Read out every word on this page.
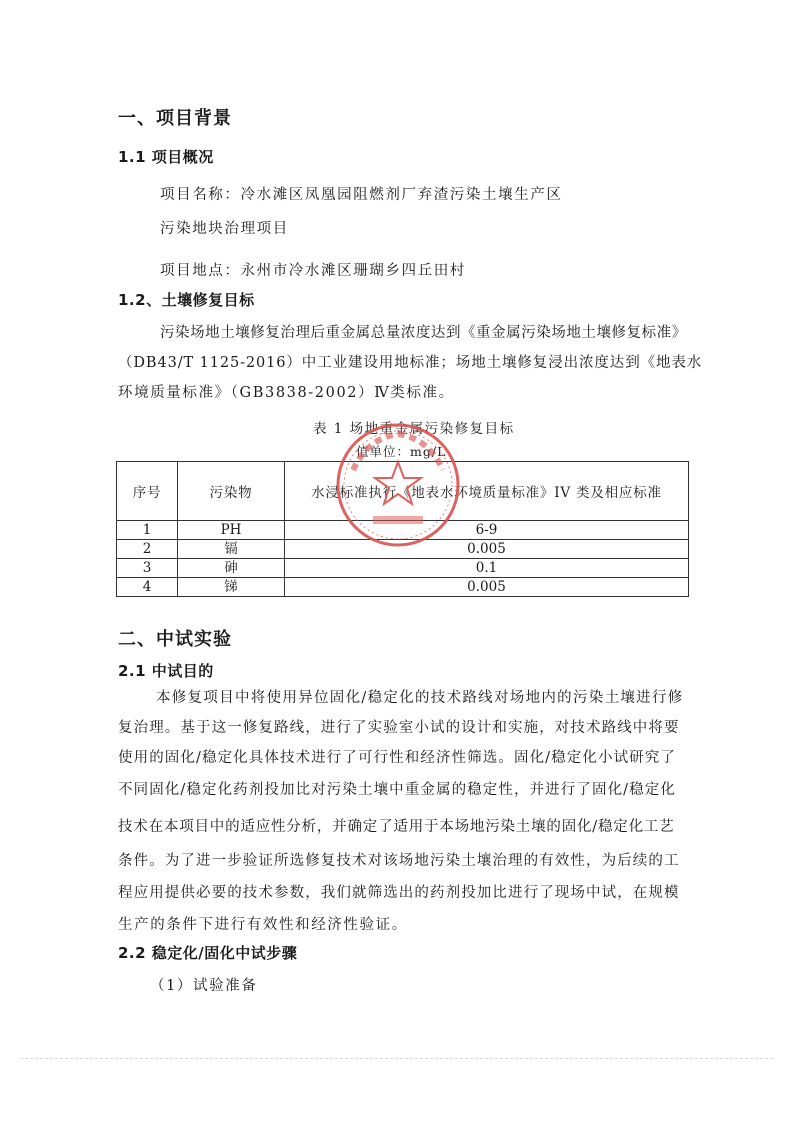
一、项目背景
1.1 项目概况
项目名称：冷水滩区凤凰园阻燃剂厂弃渣污染土壤生产区
污染地块治理项目
项目地点：永州市冷水滩区珊瑚乡四丘田村
1.2、土壤修复目标
污染场地土壤修复治理后重金属总量浓度达到《重金属污染场地土壤修复标准》
（DB43/T 1125-2016）中工业建设用地标准；场地土壤修复浸出浓度达到《地表水
环境质量标准》（GB3838-2002）Ⅳ类标准。
表 1 场地重金属污染修复目标
值单位：mg/L
序号	污染物	水浸标准执行《地表水环境质量标准》IV 类及相应标准
1	PH	6-9
2	镉	0.005
3	砷	0.1
4	锑	0.005
二、中试实验
2.1 中试目的
本修复项目中将使用异位固化/稳定化的技术路线对场地内的污染土壤进行修
复治理。基于这一修复路线，进行了实验室小试的设计和实施，对技术路线中将要
使用的固化/稳定化具体技术进行了可行性和经济性筛选。固化/稳定化小试研究了
不同固化/稳定化药剂投加比对污染土壤中重金属的稳定性，并进行了固化/稳定化
技术在本项目中的适应性分析，并确定了适用于本场地污染土壤的固化/稳定化工艺
条件。为了进一步验证所选修复技术对该场地污染土壤治理的有效性，为后续的工
程应用提供必要的技术参数，我们就筛选出的药剂投加比进行了现场中试，在规模
生产的条件下进行有效性和经济性验证。
2.2 稳定化/固化中试步骤
（1）试验准备
